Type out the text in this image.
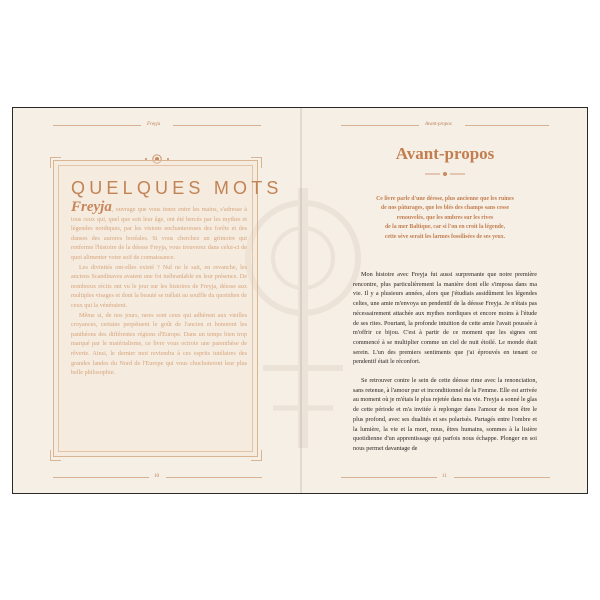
Freyja
QUELQUES MOTS

Freyja, ouvrage que vous tenez entre les mains, s'adresse à tous ceux qui, quel que soit leur âge, ont été bercés par les mythes et légendes nordiques, par les visions enchanteresses des forêts et des danses des aurores boréales. Si vous cherchez un grimoire qui renferme l'histoire de la déesse Freyja, vous trouverez dans celui-ci de quoi alimenter votre soif de connaissance.

Les divinités ont-elles existé ? Nul ne le sait, en revanche, les anciens Scandinaves avaient une foi inébranlable en leur présence. De nombreux récits ont vu le jour sur les histoires de Freyja, déesse aux multiples visages et dont la beauté se mêlait au souffle du quotidien de ceux qui la vénéraient.

Même si, de nos jours, rares sont ceux qui adhèrent aux vieilles croyances, certains perpétuent le goût de l'ancien et honorent les panthéons des différentes régions d'Europe. Dans un temps bien trop marqué par le matérialisme, ce livre vous octroie une parenthèse de rêverie. Ainsi, le dernier mot reviendra à ces esprits tutélaires des grandes landes du Nord de l'Europe qui vous chuchoteront leur plus belle philosophie.

10
Avant-propos
Avant-propos
Ce livre parle d'une déesse, plus ancienne que les ruines
de nos pâturages, que les blés des champs sans cesse
renouvelés, que les ombres sur les rives
de la mer Baltique, car si l'on en croit la légende,
cette sève serait les larmes fossilisées de ses yeux.

Mon histoire avec Freyja fut aussi surprenante que notre première rencontre, plus particulièrement la manière dont elle s'imposa dans ma vie. Il y a plusieurs années, alors que j'étudiais assidûment les légendes celtes, une amie m'envoya un pendentif de la déesse Freyja. Je n'étais pas nécessairement attachée aux mythes nordiques et encore moins à l'étude de ses rites. Pourtant, la profonde intuition de cette amie l'avait poussée à m'offrir ce bijou. C'est à partir de ce moment que les signes ont commencé à se multiplier comme un ciel de nuit étoilé. Le monde était serein. L'un des premiers sentiments que j'ai éprouvés en tenant ce pendentif était le réconfort.

Se retrouver contre le sein de cette déesse rime avec la renonciation, sans retenue, à l'amour pur et inconditionnel de la Femme. Elle est arrivée au moment où je m'étais le plus rejetée dans ma vie. Freyja a sonné le glas de cette période et m'a invitée à replonger dans l'amour de mon être le plus profond, avec ses dualités et ses polarisés. Partagés entre l'ombre et la lumière, la vie et la mort, nous, êtres humains, sommes à la lisière quotidienne d'un apprentissage qui parfois nous échappe. Plonger en soi nous permet davantage de

11
